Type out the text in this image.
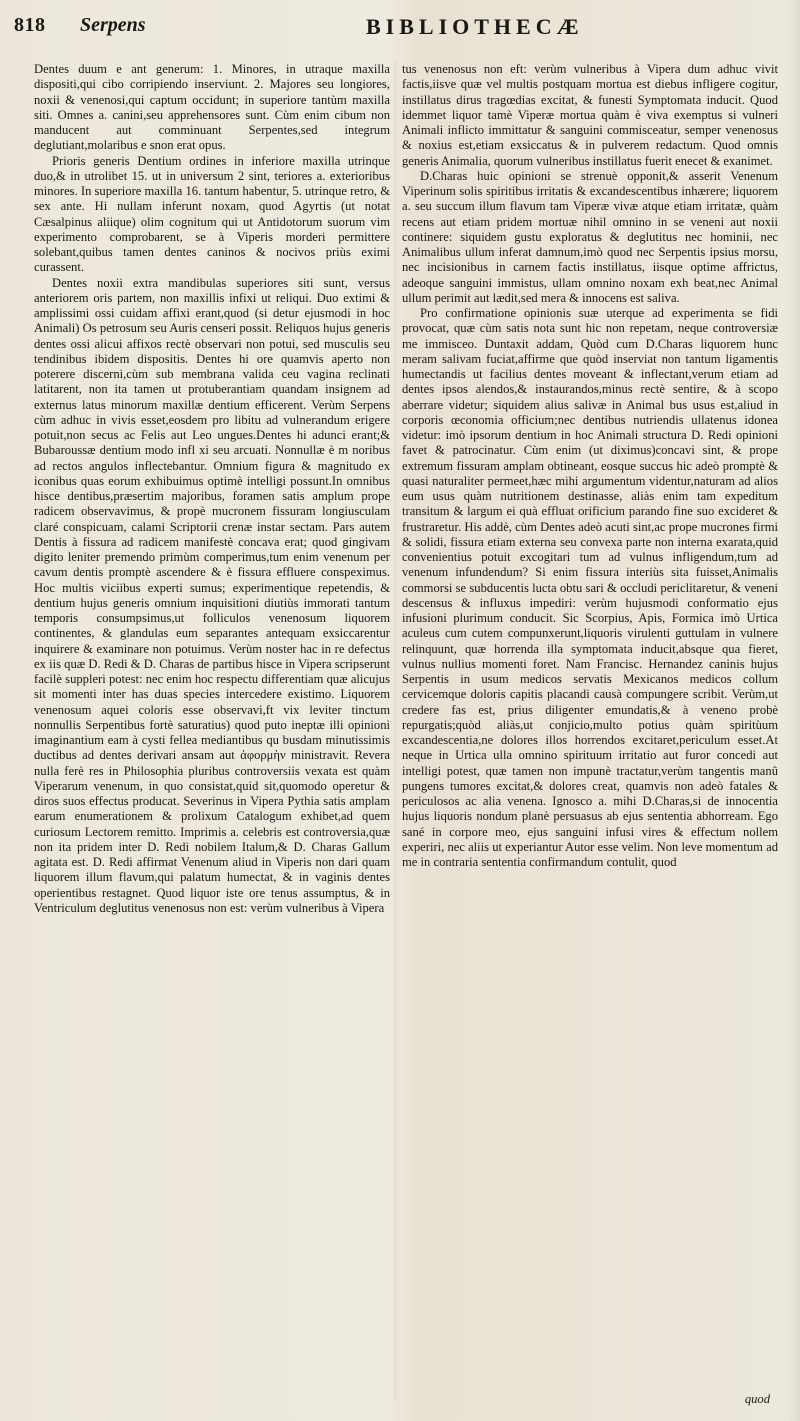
818 Serpens	BIBLIOTHECÆ

Dentes duum e ant generum: 1. Minores, in utraque maxilla dispositi,qui cibo corripiendo inserviunt. 2. Majores seu longiores, noxii & venenosi,qui captum occidunt; in superiore tantùm maxilla siti. Omnes a. canini,seu apprehensores sunt. Cùm enim cibum non manducent aut comminuant Serpentes,sed integrum deglutiant,molaribus e snon erat opus.

Prioris generis Dentium ordines in inferiore maxilla utrinque duo,& in utrolibet 15. ut in universum 2 sint, teriores a. exterioribus minores. In superiore maxilla 16. tantum habentur, 5. utrinque retro, & sex ante. Hi nullam inferunt noxam, quod Agyrtis (ut notat Cæsalpinus aliique) olim cognitum qui ut Antidotorum suorum vim experimento comprobarent, se à Viperis morderi permittere solebant,quibus tamen dentes caninos & nocivos priùs eximi curassent.

Dentes noxii extra mandibulas superiores siti sunt, versus anteriorem oris partem, non maxillis infixi ut reliqui. Duo extimi & amplissimi ossi cuidam affixi erant,quod (si detur ejusmodi in hoc Animali) Os petrosum seu Auris censeri possit. Reliquos hujus generis dentes ossi alicui affixos rectè observari non potui, sed musculis seu tendinibus ibidem dispositis. Dentes hi ore quamvis aperto non poterere discerni,cùm sub membrana valida ceu vagina reclinati latitarent, non ita tamen ut protuberantiam quandam insignem ad externus latus minorum maxillæ dentium efficerent. Verùm Serpens cùm adhuc in vivis esset,eosdem pro libitu ad vulnerandum erigere potuit,non secus ac Felis aut Leo ungues.Dentes hi adunci erant;& Bubaroussæ dentium modo infl xi seu arcuati. Nonnullæ è m noribus ad rectos angulos inflectebantur. Omnium figura & magnitudo ex iconibus quas eorum exhibuimus optimè intelligi possunt.In omnibus hisce dentibus,præsertim majoribus, foramen satis amplum prope radicem observavimus, & propè mucronem fissuram longiusculam claré conspicuam, calami Scriptorii crenæ instar sectam. Pars autem Dentis à fissura ad radicem manifestè concava erat; quod gingivam digito leniter premendo primùm comperimus,tum enim venenum per cavum dentis promptè ascendere & è fissura effluere conspeximus. Hoc multis viciibus experti sumus; experimentique repetendis, & dentium hujus generis omnium inquisitioni diutiùs immorati tantum temporis consumpsimus,ut folliculos venenosum liquorem continentes, & glandulas eum separantes antequam exsiccarentur inquirere & examinare non potuimus. Verùm noster hac in re defectus ex iis quæ D. Redi & D. Charas de partibus hisce in Vipera scripserunt facilè suppleri potest: nec enim hoc respectu differentiam quæ alicujus sit momenti inter has duas species intercedere existimo. Liquorem venenosum aquei coloris esse observavi,ft vix leviter tinctum nonnullis Serpentibus fortè saturatius) quod puto ineptæ illi opinioni imaginantium eam à cysti fellea mediantibus qu busdam minutissimis ductibus ad dentes derivari ansam aut ἀφορμὴν ministravit. Revera nulla ferè res in Philosophia pluribus controversiis vexata est quàm Viperarum venenum, in quo consistat,quid sit,quomodo operetur & diros suos effectus producat. Severinus in Vipera Pythia satis amplam earum enumerationem & prolixum Catalogum exhibet,ad quem curiosum Lectorem remitto. Imprimis a. celebris est controversia,quæ non ita pridem inter D. Redi nobilem Italum,& D. Charas Gallum agitata est. D. Redi affirmat Venenum aliud in Viperis non dari quam liquorem illum flavum,qui palatum humectat, & in vaginis dentes operientibus restagnet. Quod liquor iste ore tenus assumptus, & in Ventriculum deglutitus venenosus non est: verùm vulneribus à Vipera

tus venenosus non eft: verùm vulneribus à Vipera dum adhuc vivit factis,iisve quæ vel multis postquam mortua est diebus infligere cogitur, instillatus dirus tragœdias excitat, & funesti Symptomata inducit. Quod idemmet liquor tamè Viperæ mortua quàm è viva exemptus si vulneri Animali inflicto immittatur & sanguini commisceatur, semper venenosus & noxius est,etiam exsiccatus & in pulverem redactum. Quod omnis generis Animalia, quorum vulneribus instillatus fuerit enecet & exanimet.

D.Charas huic opinioni se strenuè opponit,& asserit Venenum Viperinum solis spiritibus irritatis & excandescentibus inhærere; liquorem a. seu succum illum flavum tam Viperæ vivæ atque etiam irritatæ, quàm recens aut etiam pridem mortuæ nihil omnino in se veneni aut noxii continere: siquidem gustu exploratus & deglutitus nec hominii, nec Animalibus ullum inferat damnum,imò quod nec Serpentis ipsius morsu, nec incisionibus in carnem factis instillatus, iisque optime affrictus, adeoque sanguini immistus, ullam omnino noxam exh beat,nec Animal ullum perimit aut lædit,sed mera & innocens est saliva.

Pro confirmatione opinionis suæ uterque ad experimenta se fidi provocat, quæ cùm satis nota sunt hic non repetam, neque controversiæ me immisceo. Duntaxit addam, Quòd cum D.Charas liquorem hunc meram salivam fuciat,affirme que quòd inserviat non tantum ligamentis humectandis ut facilius dentes moveant & inflectant,verum etiam ad dentes ipsos alendos,& instaurandos,minus rectè sentire, & à scopo aberrare videtur; siquidem alius salivæ in Animal bus usus est,aliud in corporis œconomia officium;nec dentibus nutriendis ullatenus idonea videtur: imò ipsorum dentium in hoc Animali structura D. Redi opinioni favet & patrocinatur. Cùm enim (ut diximus)concavi sint, & prope extremum fissuram amplam obtineant, eosque succus hic adeò promptè & quasi naturaliter permeet,hæc mihi argumentum videntur,naturam ad alios eum usus quàm nutritionem destinasse, aliàs enim tam expeditum transitum & largum ei quà effluat orificium parando fine suo excideret & frustraretur. His addè, cùm Dentes adeò acuti sint,ac prope mucrones firmi & solidi, fissura etiam externa seu convexa parte non interna exarata,quid convenientius potuit excogitari tum ad vulnus infligendum,tum ad venenum infundendum? Si enim fissura interiùs sita fuisset,Animalis commorsi se subducentis lucta obtu sari & occludi periclitaretur, & veneni descensus & influxus impediri: verùm hujusmodi conformatio ejus infusioni plurimum conducit. Sic Scorpius, Apis, Formica imò Urtica aculeus cum cutem compunxerunt,liquoris virulenti guttulam in vulnere relinquunt, quæ horrenda illa symptomata inducit,absque qua fieret, vulnus nullius momenti foret. Nam Francisc. Hernandez caninis hujus Serpentis in usum medicos servatis Mexicanos medicos collum cervicemque doloris capitis placandi causà compungere scribit. Verùm,ut credere fas est, prius diligenter emundatis,& à veneno probè repurgatis;quòd aliàs,ut conjicio,multo potius quàm spiritùum excandescentia,ne dolores illos horrendos excitaret,periculum esset.At neque in Urtica ulla omnino spirituum irritatio aut furor concedi aut intelligi potest, quæ tamen non impunè tractatur,verùm tangentis manû pungens tumores excitat,& dolores creat, quamvis non adeò fatales & periculosos ac alia venena. Ignosco a. mihi D.Charas,si de innocentia hujus liquoris nondum planè persuasus ab ejus sententia abhorream. Ego sané in corpore meo, ejus sanguini infusi vires & effectum nollem experiri, nec aliis ut experiantur Autor esse velim. Non leve momentum ad me in contraria sententia confirmandum contulit, quod

quod
